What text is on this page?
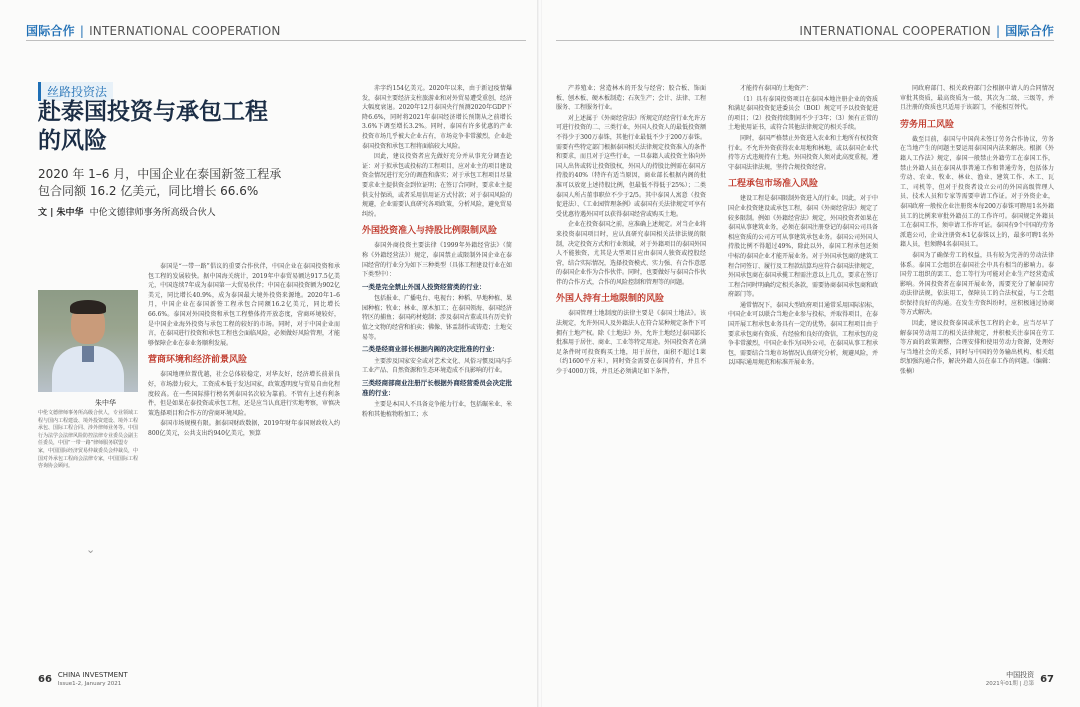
国际合作 | INTERNATIONAL COOPERATION
丝路投资法
赴泰国投资与承包工程的风险

2020 年 1–6 月，中国企业在泰国新签工程承包合同额 16.2 亿美元，同比增长 66.6%

文 | 朱中华 中伦文德律师事务所高级合伙人
朱中华

中伦文德律师事务所高级合伙人，专业领域工程与国内工程建设、境外投资建设、境外工程承包、国际工程合同、涉外律师业务等。中国行为法学会法律风险防控法律专业委员会副主任委员，中国“一带一路”律师服务联盟专家，中国国际经济贸易仲裁委员会仲裁员，中国对外承包工程商会法律专家，中国国际工程咨询协会顾问。

⌄

泰国是“一带一路”倡议的重要合作伙伴，中国企业在泰国投资和承包工程的发展较快。据中国海关统计，2019年中泰贸易额达917.5亿美元，中国连续7年成为泰国第一大贸易伙伴；中国在泰国投资额为902亿美元，同比增长40.9%，成为泰国最大境外投资来源地。2020年1–6月，中国企业在泰国新签工程承包合同额16.2亿美元，同比增长66.6%。泰国对外国投资和承包工程整体持开放态度，营商环境较好，是中国企业海外投资与承包工程的较好的市场。同时，对于中国企业而言，在泰国进行投资和承包工程也会面临风险，必须做好风险管理，才能够保障企业在泰业务顺利发展。

营商环境和经济前景风险

泰国地理位置优越，社会总体较稳定，对华友好，经济增长前景良好，市场潜力较大，工资成本低于发达国家，政策透明度与贸易自由化程度较高。在一些国际排行榜名列泰国名次较为靠前。不管有上述有利条件，但是如果在泰投资或承包工程，还是应当认真进行实地考察，审慎决策选择项目和合作方的营商环境风险。

泰国市场规模有限。据泰国财政数据，2019年财年泰国财政收入约800亿美元，公共支出约940亿美元，预算

赤字约154亿美元。2020年以来，由于新冠疫情爆发，泰国主要经济支柱旅游业和对外贸易遭受重创，经济大幅度衰退。2020年12月泰国央行预测2020年GDP下降6.6%，同时将2021年泰国经济增长预期从之前增长3.6%下调至增长3.2%。同时，泰国有许多优惠的产业投资市场几乎被大企业占有，市场竞争非常激烈，企业赴泰国投资和承包工程将面临较大风险。

因此，建议投资者应先做好充分并从事充分调查论证：对于拟承包或投标的工程项目，应对业主的项目建设资金情况进行充分的调查和落实；对于承包工程项目尽量要求业主提供资金到位证明；在签订合同时，要求业主提供支付保函，或者采用信用证方式付款；对于泰国风险的规避，企业需要认真研究各项政策，分析风险，避免贸易纠纷。

外国投资准入与持股比例限制风险

泰国外商投资主要法律《1999年外籍经营法》（简称《外籍经营法》）规定，泰国禁止或限制外国企业在泰国经营的行业分为如下三种类型（具体工程建设行业在如下类型中）：

一类是完全禁止外国人投资经营类的行业：

包括报业、广播电台、电视台；种稻、旱地种植、果园种植；牧业；林业、原木加工；在泰国领海、泰国经济特区的捕鱼；泰国药材炮制；涉及泰国古董或具有历史价值之文物的经营和拍卖；佛像、钵盂制作或铸造；土地交易等。

二类是经商业部长根据内阁的决定批准的行业：

主要涉及国家安全或对艺术文化、风俗习惯及国内手工业产品、自然资源和生态环境造成不良影响的行业。

三类经商部商业注册厅长根据外商经营委员会决定批准的行业：

主要是本国人不具备竞争能力行业，包括碾米业、米粉和其他植物粉加工；水

66 CHINA INVESTMENT
Issue1-2, January 2021
INTERNATIONAL COOPERATION | 国际合作

产养殖业；营造林木的开发与经营；胶合板、饰面板、刨木板、硬木板制造；石灰生产；会计、法律、工程服务、工程服务行业。

对上述属于《外商经营法》所规定的经营行业允许方可进行投资的二、三类行业，外国人投资人的最低投资额不得少于300万泰铢，其他行业最低不少于200万泰铢。需要有些特定部门根据泰国相关法律规定投资准入的条件和要求，而且对于这些行业，一旦泰籍人或投资主体向外国人出售或转让投资股权，外国人的持股比例需在泰国方持股的40%（特许有适当原因，商业部长根据内阁的批准可以放宽上述持股比例，但最低不得低于25%）；二类泰国人所占董事职位不少于2/5。其中泰国人寓意（投资促进法）、《工业园管理条例》或泰国有关法律规定可享有受优惠待遇外国可以获得泰国经营或购买土地。

企业在投资泰国之前，应准确上述规定。对当企业将来投资泰国项目时，应认真研究泰国相关法律法规的限制，决定投资方式和行业领域，对于外籍项目的泰国外国人不能独资，尤其是大型项目应由泰国人独资或控股经营，结合实际情况，选择投资模式、实力强、有合作意愿的泰国企业作为合作伙伴。同时，也要做好与泰国合作伙伴的合作方式，合作的风险控制和管理等的问题。

外国人持有土地限制的风险

泰国管理土地制度的法律主要是《泰国土地法》。该法规定，允许外国人及外籍法人在符合某种规定条件下可拥有土地产权。除《土地法》外，允许土地经过泰国部长批准用于居住、商业、工业等特定用途。外国投资者在满足条件时可投资购买土地，用于居住，面积不超过1莱（约1600平方米），同时资金需要在泰国持有，并且不少于4000万铢，并且还必须满足如下条件，

才能持有泰国的土地资产：

（1）具有泰国投资项目在泰国本地注册企业的资质和满足泰国投资促进委员会（BOI）规定可予以投资促进的项目；（2）投资持续期间不少于3年；（3）须有正常的土地使用证书，或符合其他法律规定的相关手续。

同时，泰国严格禁止外资进入农业和土地所有权投资行业。不允许外资获得农业用地和林地，或以泰国企业代持等方式违规持有土地。外国投资人须对此高度重视，遵守泰国法律法规，坚持合规投资经营。

工程承包市场准入风险

建设工程是泰国限制外资进入的行业。因此，对于中国企业投资建设或承包工程，泰国《外商经营法》规定了较多限制。例如《外籍经营法》规定，外国投资者如果在泰国从事建筑业务，必须在泰国注册登记的泰国公司具备相应资质的公司方可从事建筑承包业务。泰国公司外国人持股比例不得超过49%，除此以外，泰国工程承包还须中标的泰国企业才能开展业务。对于外国承包商的建筑工程合同签订、履行及工程款结算均应符合泰国法律规定，外国承包商在泰国承揽工程需注意以上几点，要求在签订工程合同时明确约定相关条款，需要协商泰国承包商和政府部门等。

通常情况下，泰国大型政府项目通常采用国际招标，中国企业可以联合当地企业参与投标，并取得项目，在泰国开展工程承包业务具有一定的优势。泰国工程项目由于要求承包商有资质、有经验和良好的资信，工程承包的竞争非常激烈，中国企业作为国外公司，在泰国从事工程承包，需要结合当地市场情况认真研究分析，规避风险，并以国际通用规范和标准开展业务。

同政府部门、相关政府部门会根据申请人的合同情况审批其资质，最高资质为一级，其次为二级、三级等，并且注册的资质也只适用于该部门，不能相互替代。

劳务用工风险

截至目前，泰国与中国尚未签订劳务合作协议，劳务在当地产生的问题主要运用泰国国内法来解决。根据《外籍人工作法》规定，泰国一般禁止外籍劳工在泰国工作，禁止外籍人员在泰国从事普通工作和普通劳务，包括体力劳动、农业、牧业、林业、渔业、建筑工作、木工、瓦工、司机等，但对于投资者设立公司的外国高级管理人员、技术人员和专家等需要申请工作证。对于外资企业，泰国政府一般按企业注册资本每200万泰铢可聘用1名外籍员工的比例来审批外籍员工的工作许可。泰国规定外籍员工在泰国工作，须申请工作许可证。泰国有9个中国的劳务派遣公司，企业注册资本1亿泰铢以上的，最多可聘1名外籍人员，但须聘4名泰国员工。

泰国为了确保劳工的权益，具有较为完善的劳动法律体系。泰国工会组织在泰国社会中具有相当的影响力。泰国劳工组织的罢工、怠工等行为可能对企业生产经营造成影响。外国投资者在泰国开展业务，需要充分了解泰国劳动法律法规，依法用工，保障员工的合法权益，与工会组织保持良好的沟通。在发生劳资纠纷时，应积极通过协商等方式解决。

因此，建议投资泰国或承包工程的企业，应当尽早了解泰国劳动用工的相关法律规定，并积极关注泰国在劳工等方面的政策调整，合理安排和使用劳动力资源，处理好与当地社会的关系，同时与中国的劳务输出机构、相关组织加强沟通合作，解决外籍人员在泰工作的问题。（编辑：张楠）

中国投资
2021年01期 | 总第 67
